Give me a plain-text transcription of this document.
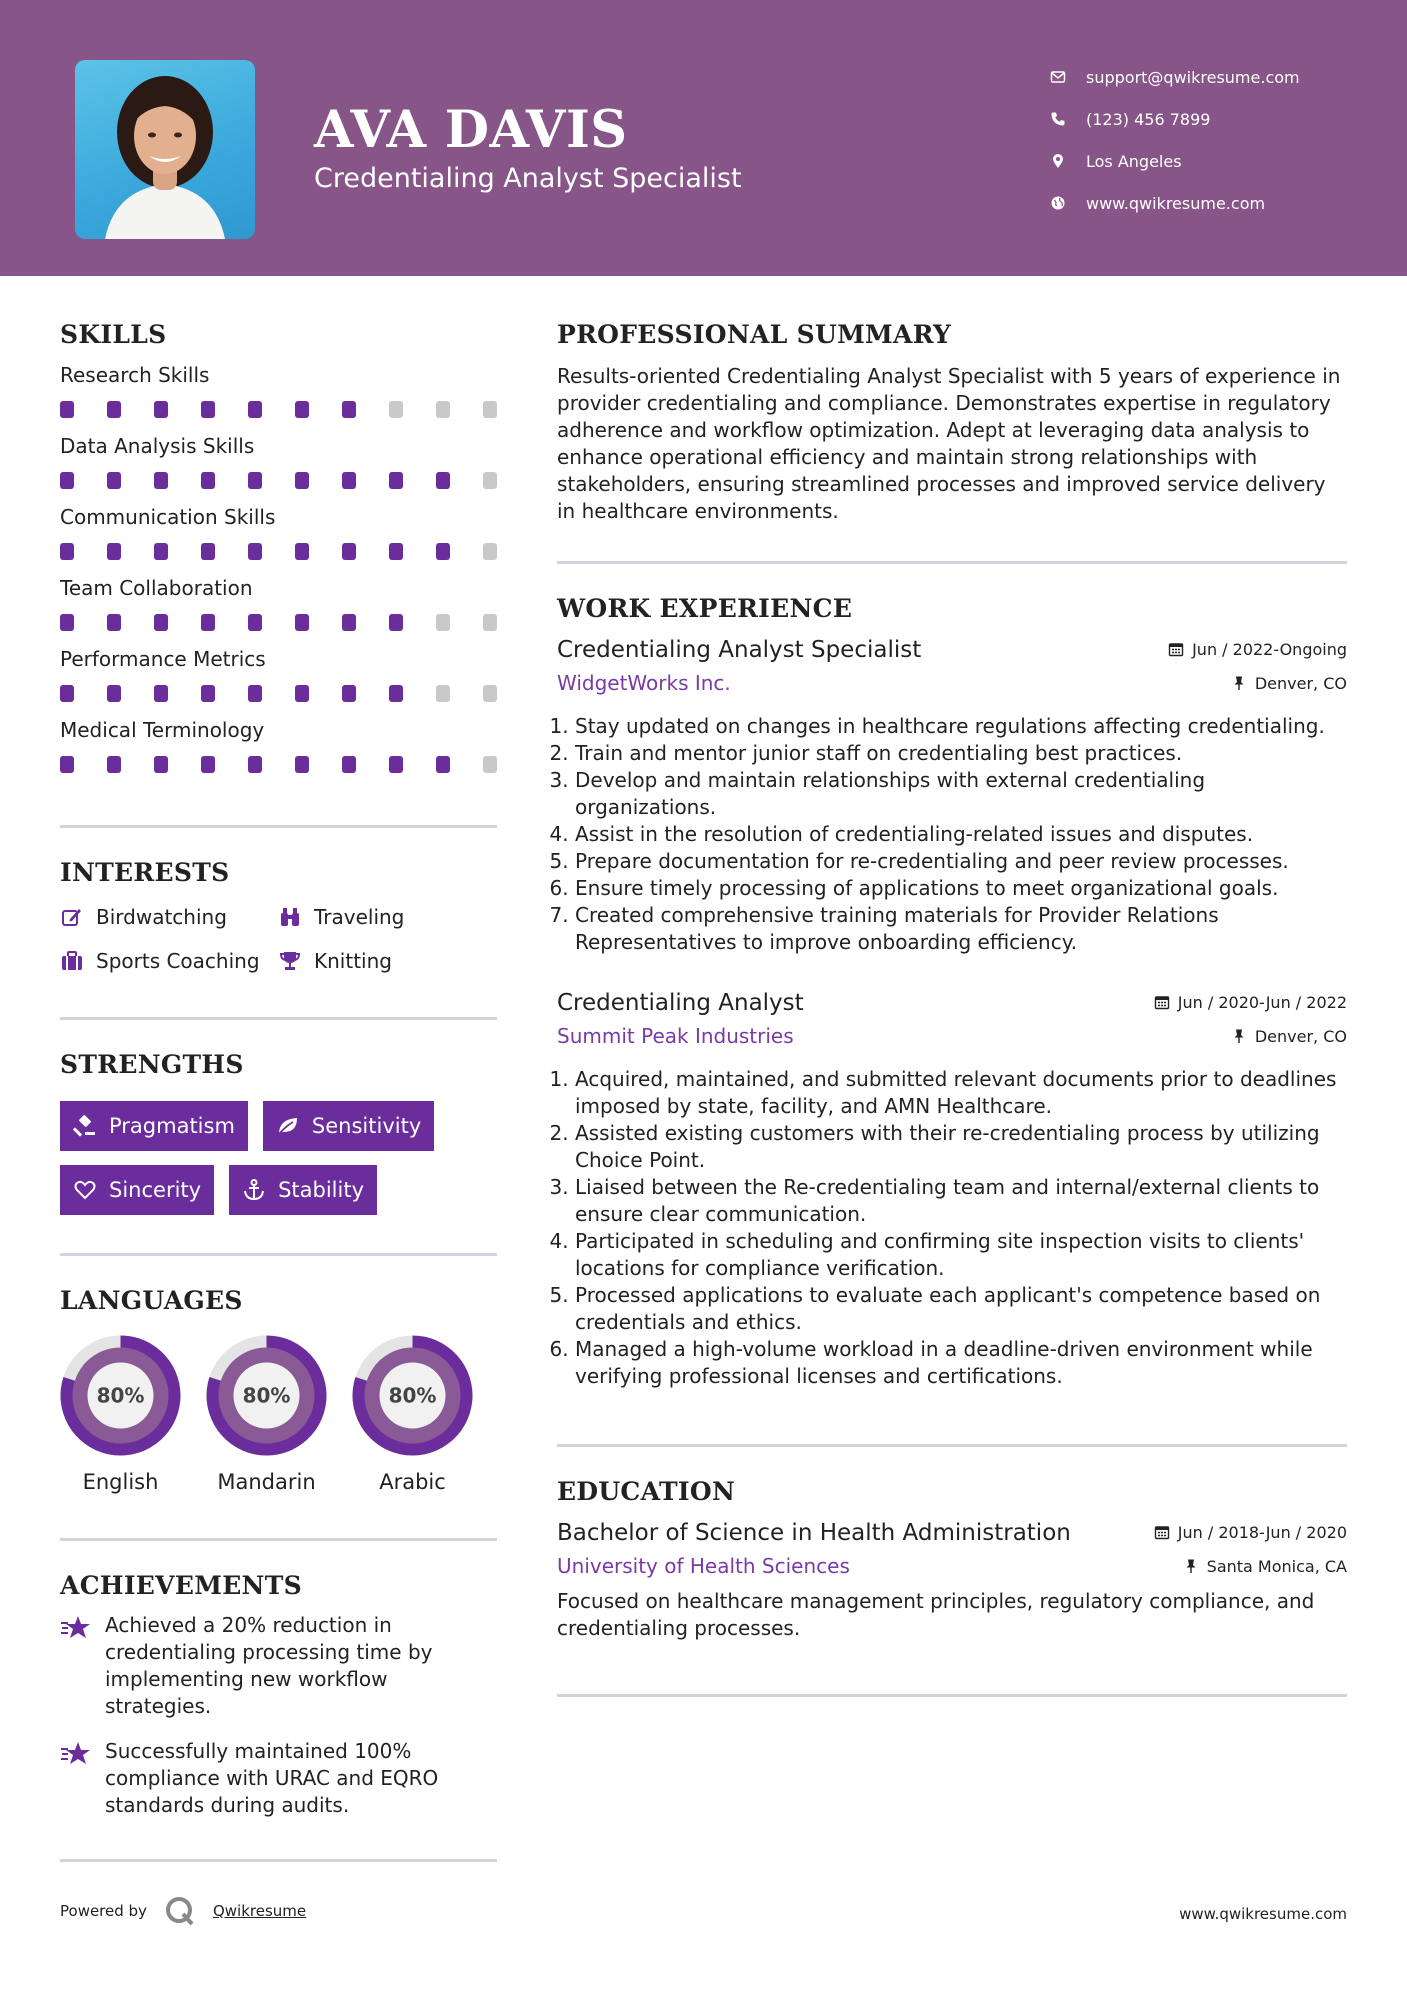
AVA DAVIS
Credentialing Analyst Specialist
support@qwikresume.com
(123) 456 7899
Los Angeles
www.qwikresume.com
SKILLS
Research Skills
Data Analysis Skills
Communication Skills
Team Collaboration
Performance Metrics
Medical Terminology
INTERESTS
Birdwatching	Traveling
Sports Coaching	Knitting
STRENGTHS
Pragmatism	Sensitivity
Sincerity	Stability
LANGUAGES
80%
English
80%
Mandarin
80%
Arabic
ACHIEVEMENTS
Achieved a 20% reduction in credentialing processing time by implementing new workflow strategies.
Successfully maintained 100% compliance with URAC and EQRO standards during audits.
PROFESSIONAL SUMMARY

Results-oriented Credentialing Analyst Specialist with 5 years of experience in provider credentialing and compliance. Demonstrates expertise in regulatory adherence and workflow optimization. Adept at leveraging data analysis to enhance operational efficiency and maintain strong relationships with stakeholders, ensuring streamlined processes and improved service delivery in healthcare environments.

WORK EXPERIENCE
Credentialing Analyst Specialist	Jun / 2022-Ongoing
WidgetWorks Inc.	Denver, CO
1. Stay updated on changes in healthcare regulations affecting credentialing.
2. Train and mentor junior staff on credentialing best practices.
3. Develop and maintain relationships with external credentialing organizations.
4. Assist in the resolution of credentialing-related issues and disputes.
5. Prepare documentation for re-credentialing and peer review processes.
6. Ensure timely processing of applications to meet organizational goals.
7. Created comprehensive training materials for Provider Relations Representatives to improve onboarding efficiency.
Credentialing Analyst	Jun / 2020-Jun / 2022
Summit Peak Industries	Denver, CO
1. Acquired, maintained, and submitted relevant documents prior to deadlines imposed by state, facility, and AMN Healthcare.
2. Assisted existing customers with their re-credentialing process by utilizing Choice Point.
3. Liaised between the Re-credentialing team and internal/external clients to ensure clear communication.
4. Participated in scheduling and confirming site inspection visits to clients' locations for compliance verification.
5. Processed applications to evaluate each applicant's competence based on credentials and ethics.
6. Managed a high-volume workload in a deadline-driven environment while verifying professional licenses and certifications.
EDUCATION
Bachelor of Science in Health Administration	Jun / 2018-Jun / 2020
University of Health Sciences	Santa Monica, CA

Focused on healthcare management principles, regulatory compliance, and credentialing processes.

Powered by	Qwikresume	www.qwikresume.com
